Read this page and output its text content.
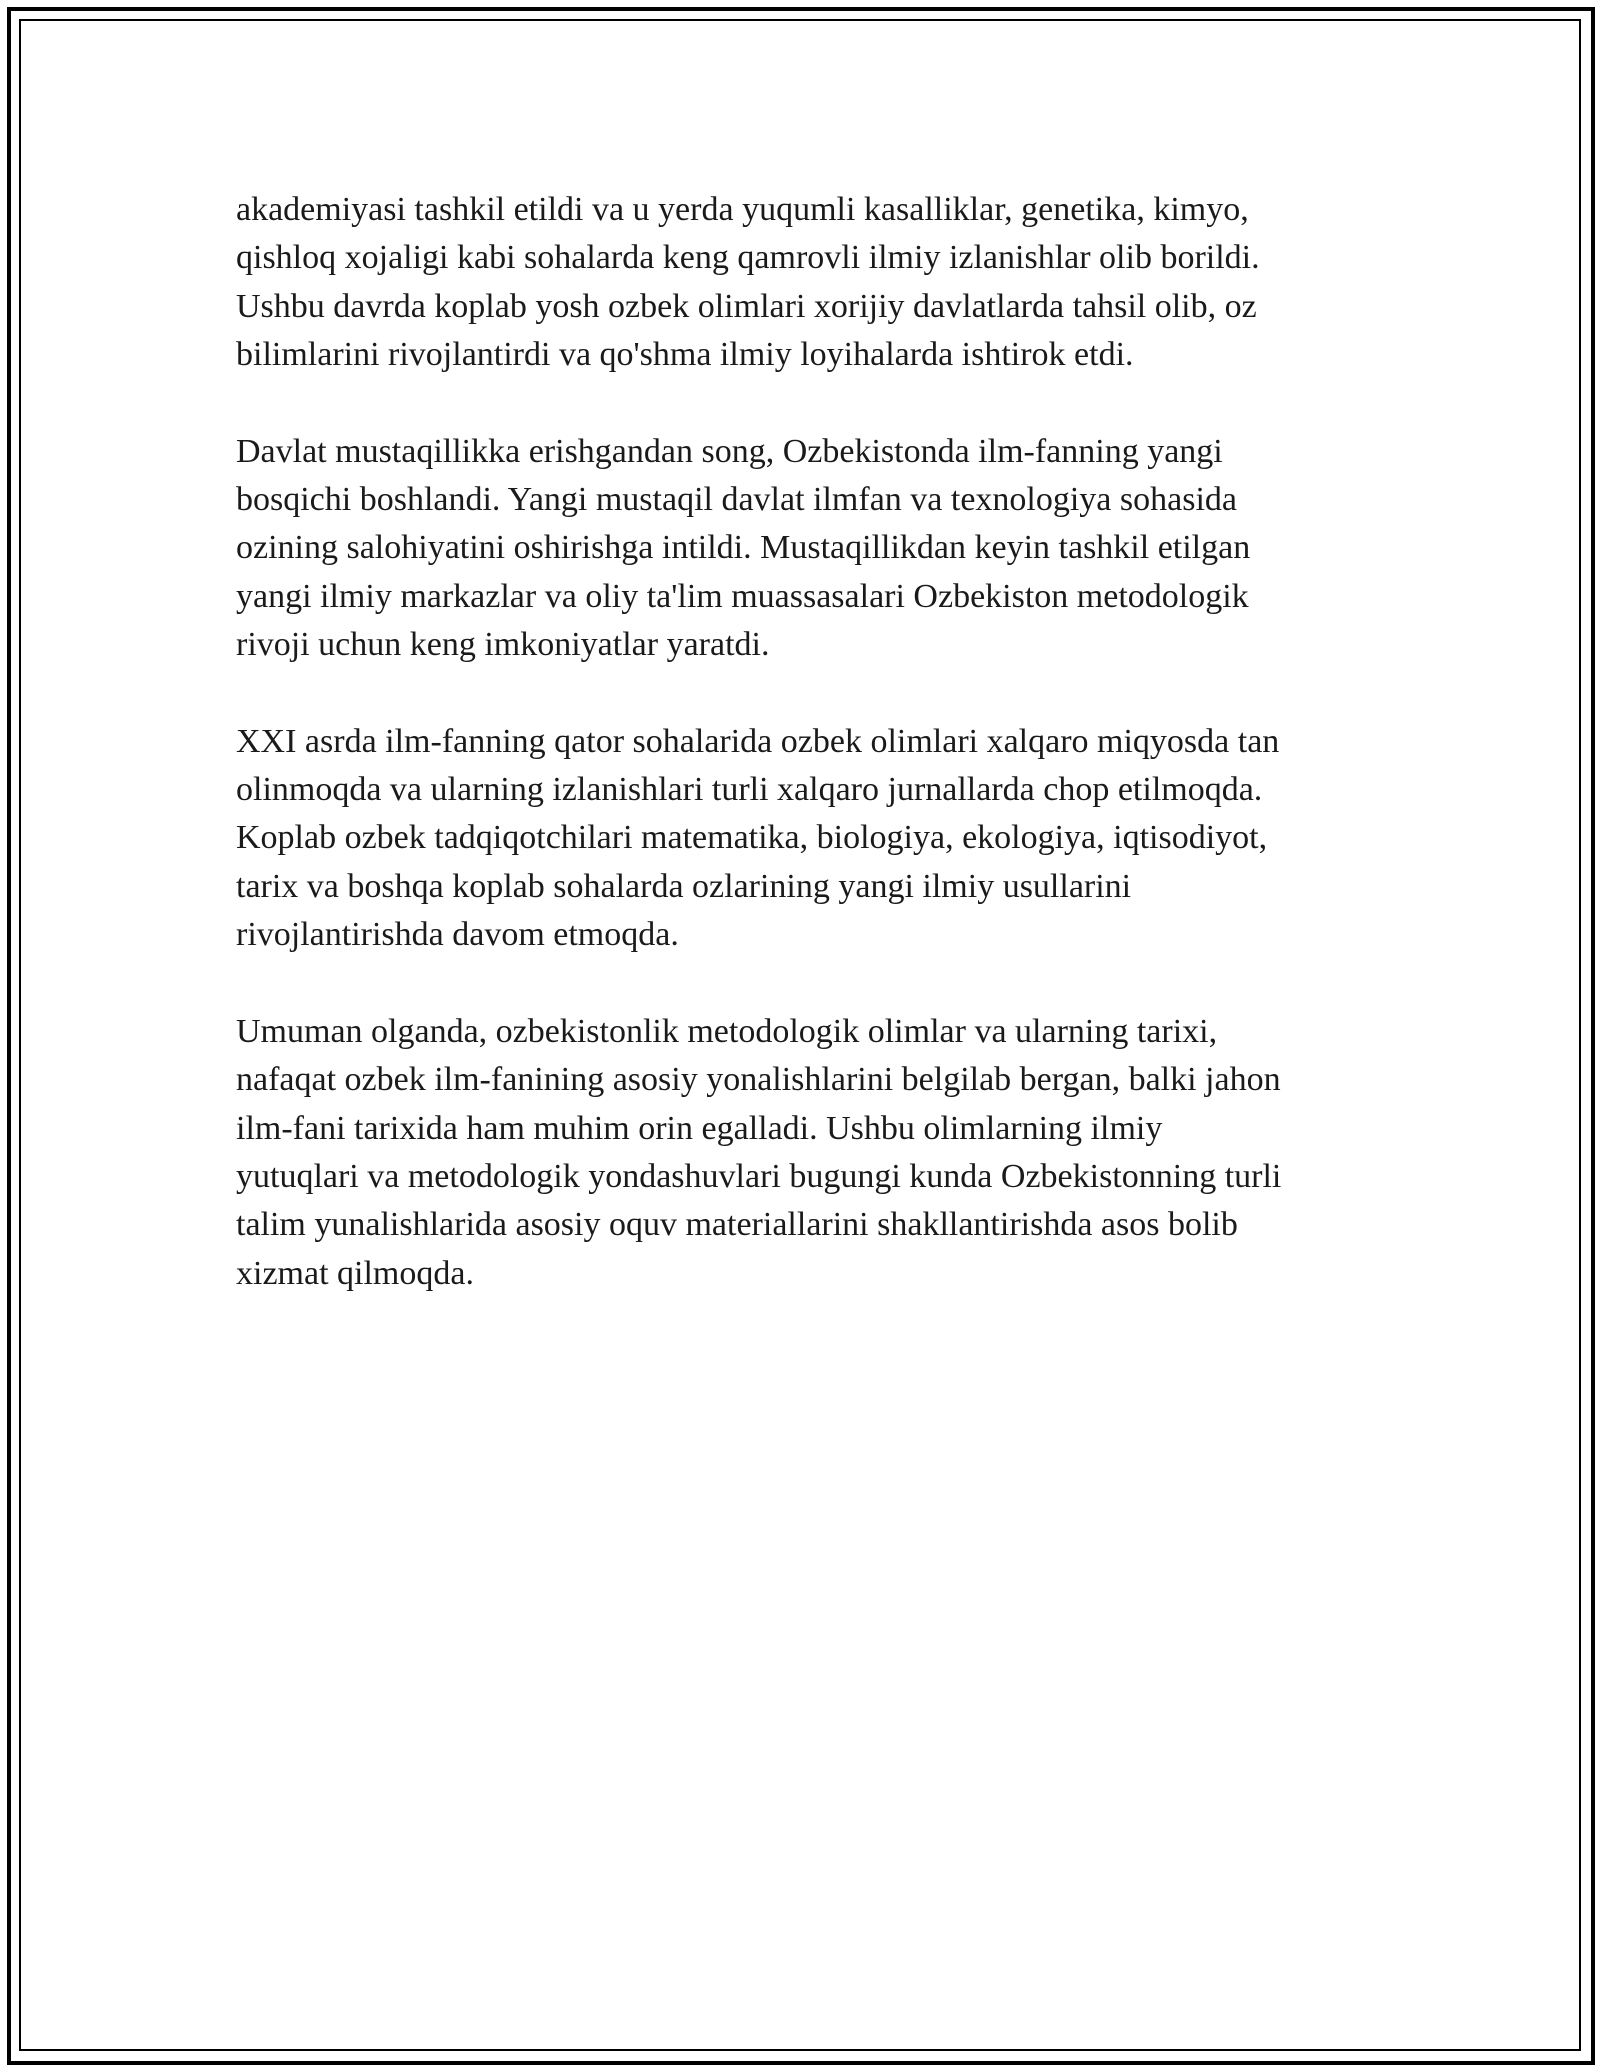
akademiyasi tashkil etildi va u yerda yuqumli kasalliklar, genetika, kimyo,
qishloq xojaligi kabi sohalarda keng qamrovli ilmiy izlanishlar olib borildi.
Ushbu davrda koplab yosh ozbek olimlari xorijiy davlatlarda tahsil olib, oz
bilimlarini rivojlantirdi va qo'shma ilmiy loyihalarda ishtirok etdi.

Davlat mustaqillikka erishgandan song, Ozbekistonda ilm-fanning yangi
bosqichi boshlandi. Yangi mustaqil davlat ilmfan va texnologiya sohasida
ozining salohiyatini oshirishga intildi. Mustaqillikdan keyin tashkil etilgan
yangi ilmiy markazlar va oliy ta'lim muassasalari Ozbekiston metodologik
rivoji uchun keng imkoniyatlar yaratdi.

XXI asrda ilm-fanning qator sohalarida ozbek olimlari xalqaro miqyosda tan
olinmoqda va ularning izlanishlari turli xalqaro jurnallarda chop etilmoqda.
Koplab ozbek tadqiqotchilari matematika, biologiya, ekologiya, iqtisodiyot,
tarix va boshqa koplab sohalarda ozlarining yangi ilmiy usullarini
rivojlantirishda davom etmoqda.

Umuman olganda, ozbekistonlik metodologik olimlar va ularning tarixi,
nafaqat ozbek ilm-fanining asosiy yonalishlarini belgilab bergan, balki jahon
ilm-fani tarixida ham muhim orin egalladi. Ushbu olimlarning ilmiy
yutuqlari va metodologik yondashuvlari bugungi kunda Ozbekistonning turli
talim yunalishlarida asosiy oquv materiallarini shakllantirishda asos bolib
xizmat qilmoqda.
